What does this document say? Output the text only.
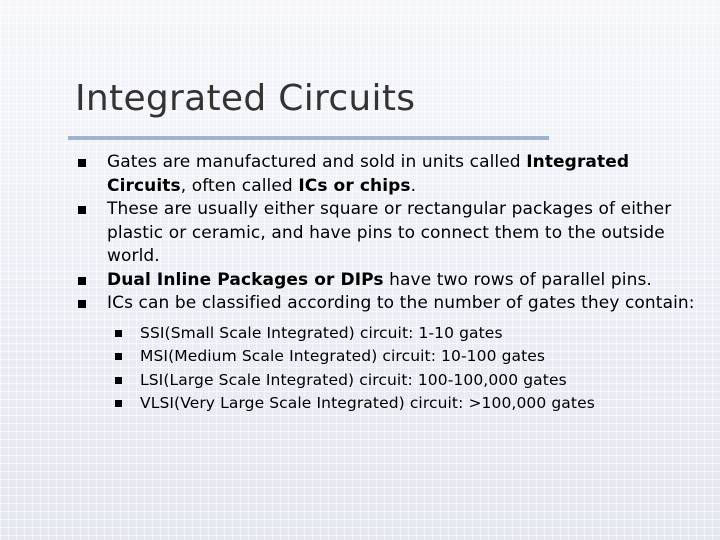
Integrated Circuits
Gates are manufactured and sold in units called Integrated Circuits, often called ICs or chips.
These are usually either square or rectangular packages of either plastic or ceramic, and have pins to connect them to the outside world.
Dual Inline Packages or DIPs have two rows of parallel pins.
ICs can be classified according to the number of gates they contain:
SSI(Small Scale Integrated) circuit: 1-10 gates
MSI(Medium Scale Integrated) circuit: 10-100 gates
LSI(Large Scale Integrated) circuit: 100-100,000 gates
VLSI(Very Large Scale Integrated) circuit: >100,000 gates
